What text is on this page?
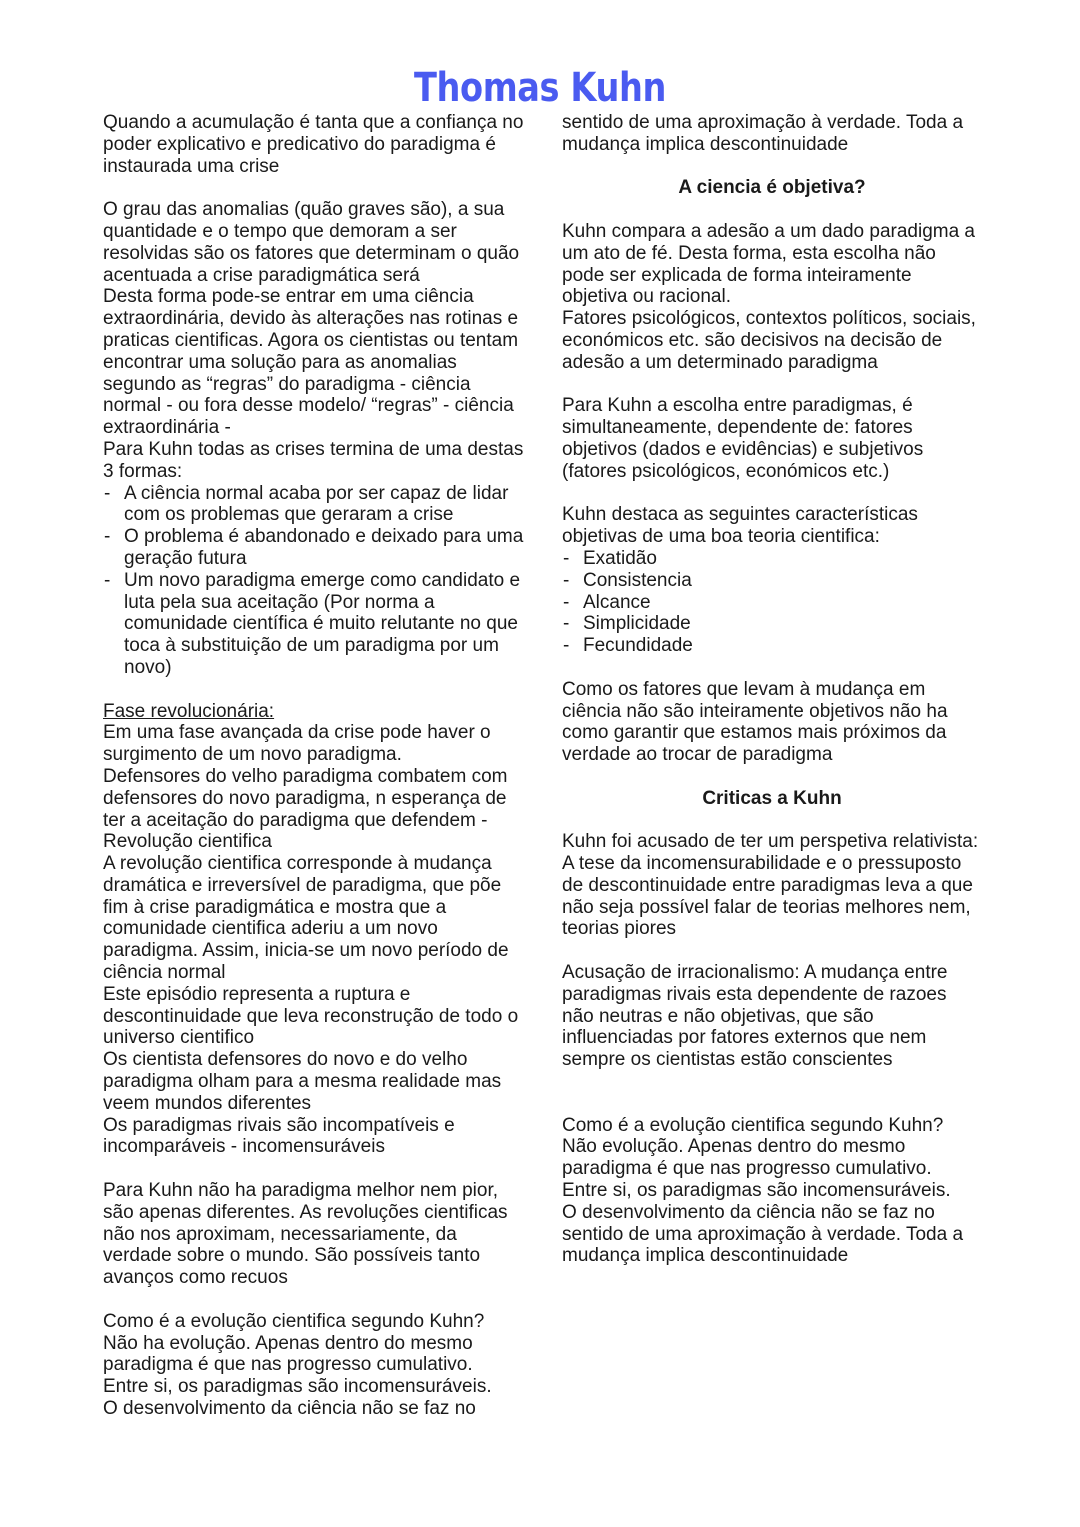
Thomas Kuhn

Quando a acumulação é tanta que a confiança no poder explicativo e predicativo do paradigma é instaurada uma crise

O grau das anomalias (quão graves são), a sua quantidade e o tempo que demoram a ser resolvidas são os fatores que determinam o quão acentuada a crise paradigmática será

Desta forma pode-se entrar em uma ciência extraordinária, devido às alterações nas rotinas e praticas cientificas. Agora os cientistas ou tentam encontrar uma solução para as anomalias segundo as “regras” do paradigma - ciência normal - ou fora desse modelo/ “regras” - ciência extraordinária -

Para Kuhn todas as crises termina de uma destas 3 formas:

- A ciência normal acaba por ser capaz de lidar com os problemas que geraram a crise
- O problema é abandonado e deixado para uma geração futura
- Um novo paradigma emerge como candidato e luta pela sua aceitação (Por norma a comunidade científica é muito relutante no que toca à substituição de um paradigma por um novo)

Fase revolucionária:

Em uma fase avançada da crise pode haver o surgimento de um novo paradigma.

Defensores do velho paradigma combatem com defensores do novo paradigma, n esperança de ter a aceitação do paradigma que defendem - Revolução cientifica

A revolução cientifica corresponde à mudança dramática e irreversível de paradigma, que põe fim à crise paradigmática e mostra que a comunidade cientifica aderiu a um novo paradigma. Assim, inicia-se um novo período de ciência normal

Este episódio representa a ruptura e descontinuidade que leva reconstrução de todo o universo cientifico

Os cientista defensores do novo e do velho paradigma olham para a mesma realidade mas veem mundos diferentes

Os paradigmas rivais são incompatíveis e incomparáveis - incomensuráveis

Para Kuhn não ha paradigma melhor nem pior, são apenas diferentes. As revoluções cientificas não nos aproximam, necessariamente, da verdade sobre o mundo. São possíveis tanto avanços como recuos

Como é a evolução cientifica segundo Kuhn?

Não ha evolução. Apenas dentro do mesmo paradigma é que nas progresso cumulativo.

Entre si, os paradigmas são incomensuráveis.

O desenvolvimento da ciência não se faz no

sentido de uma aproximação à verdade. Toda a mudança implica descontinuidade

A ciencia é objetiva?

Kuhn compara a adesão a um dado paradigma a um ato de fé. Desta forma, esta escolha não pode ser explicada de forma inteiramente objetiva ou racional.

Fatores psicológicos, contextos políticos, sociais, económicos etc. são decisivos na decisão de adesão a um determinado paradigma

Para Kuhn a escolha entre paradigmas, é simultaneamente, dependente de: fatores objetivos (dados e evidências) e subjetivos (fatores psicológicos, económicos etc.)

Kuhn destaca as seguintes características objetivas de uma boa teoria cientifica:

- Exatidão
- Consistencia
- Alcance
- Simplicidade
- Fecundidade

Como os fatores que levam à mudança em ciência não são inteiramente objetivos não ha como garantir que estamos mais próximos da verdade ao trocar de paradigma

Criticas a Kuhn

Kuhn foi acusado de ter um perspetiva relativista: A tese da incomensurabilidade e o pressuposto de descontinuidade entre paradigmas leva a que não seja possível falar de teorias melhores nem, teorias piores

Acusação de irracionalismo: A mudança entre paradigmas rivais esta dependente de razoes não neutras e não objetivas, que são influenciadas por fatores externos que nem sempre os cientistas estão conscientes

Como é a evolução cientifica segundo Kuhn?

Não evolução. Apenas dentro do mesmo paradigma é que nas progresso cumulativo.

Entre si, os paradigmas são incomensuráveis.

O desenvolvimento da ciência não se faz no sentido de uma aproximação à verdade. Toda a mudança implica descontinuidade
